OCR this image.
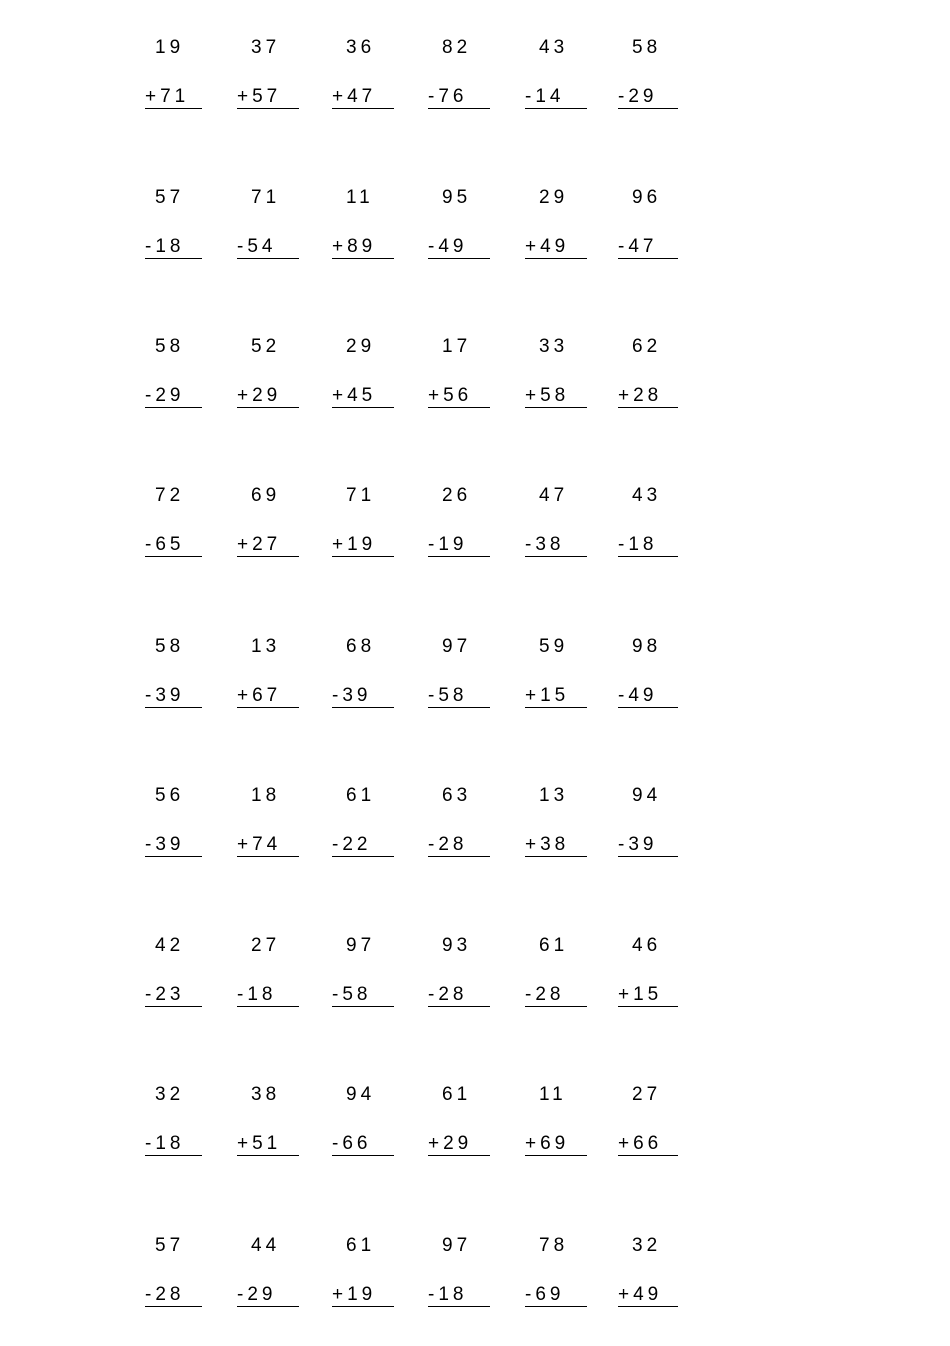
19
+71
37
+57
36
+47
82
-76
43
-14
58
-29
57
-18
71
-54
11
+89
95
-49
29
+49
96
-47
58
-29
52
+29
29
+45
17
+56
33
+58
62
+28
72
-65
69
+27
71
+19
26
-19
47
-38
43
-18
58
-39
13
+67
68
-39
97
-58
59
+15
98
-49
56
-39
18
+74
61
-22
63
-28
13
+38
94
-39
42
-23
27
-18
97
-58
93
-28
61
-28
46
+15
32
-18
38
+51
94
-66
61
+29
11
+69
27
+66
57
-28
44
-29
61
+19
97
-18
78
-69
32
+49
